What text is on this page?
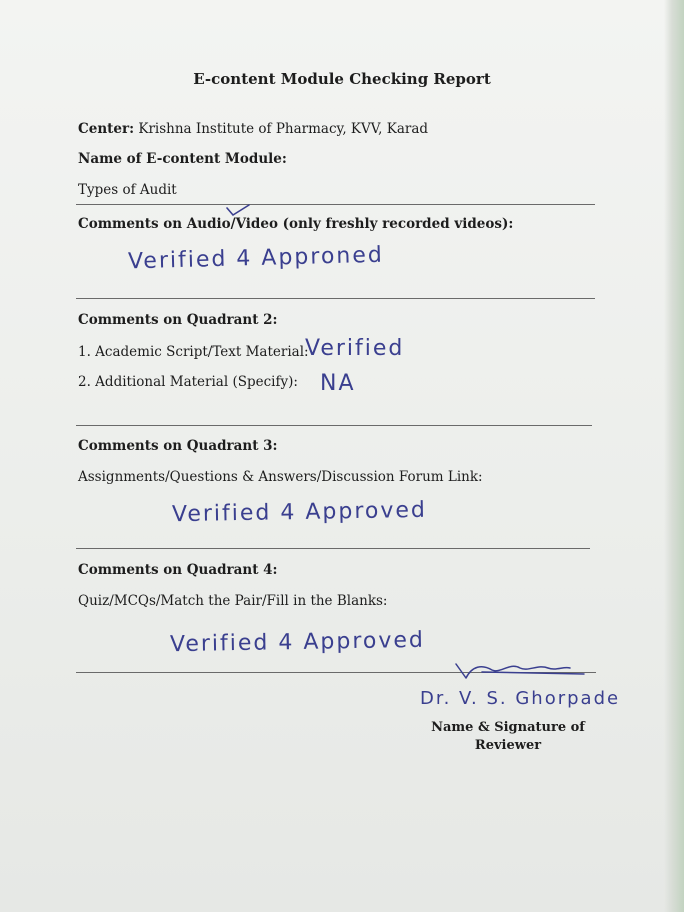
E-content Module Checking Report
Center: Krishna Institute of Pharmacy, KVV, Karad
Name of E-content Module:
Types of Audit
Comments on Audio/Video (only freshly recorded videos):
Verified 4 Approned
Comments on Quadrant 2:
1. Academic Script/Text Material:
Verified
2. Additional Material (Specify): NA
Comments on Quadrant 3:
Assignments/Questions & Answers/Discussion Forum Link:
Verified 4 Approved
Comments on Quadrant 4:
Quiz/MCQs/Match the Pair/Fill in the Blanks:
Verified 4 Approved
Dr. V. S. Ghorpade
Name & Signature of
Reviewer
